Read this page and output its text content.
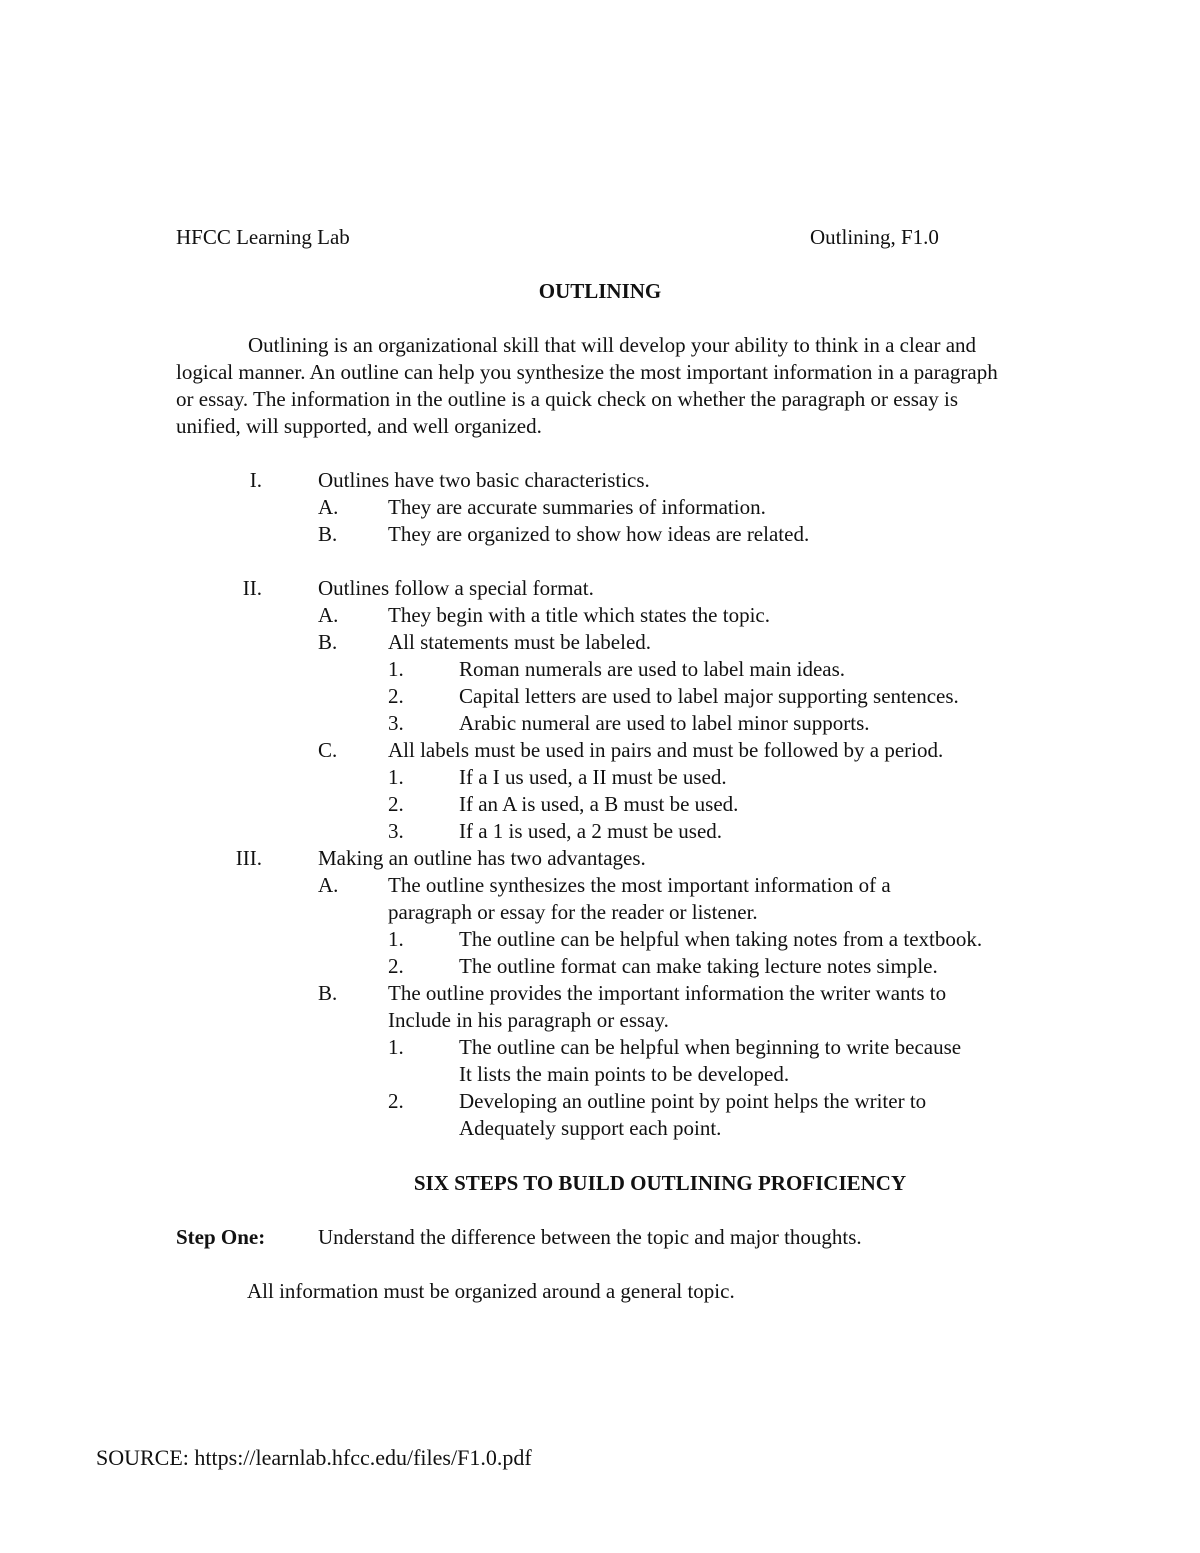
HFCC Learning Lab	Outlining, F1.0
OUTLINING
Outlining is an organizational skill that will develop your ability to think in a clear and
logical manner. An outline can help you synthesize the most important information in a paragraph
or essay. The information in the outline is a quick check on whether the paragraph or essay is
unified, will supported, and well organized.
I.	Outlines have two basic characteristics.
A. They are accurate summaries of information.
B. They are organized to show how ideas are related.
II.	Outlines follow a special format.
A. They begin with a title which states the topic.
B. All statements must be labeled.
1.	Roman numerals are used to label main ideas.
2.	Capital letters are used to label major supporting sentences.
3.	Arabic numeral are used to label minor supports.
C. All labels must be used in pairs and must be followed by a period.
1.	If a I us used, a II must be used.
2.	If an A is used, a B must be used.
3.	If a 1 is used, a 2 must be used.
III.	Making an outline has two advantages.
A. The outline synthesizes the most important information of a
paragraph or essay for the reader or listener.
1.	The outline can be helpful when taking notes from a textbook.
2.	The outline format can make taking lecture notes simple.
B. The outline provides the important information the writer wants to
Include in his paragraph or essay.
1.	The outline can be helpful when beginning to write because
It lists the main points to be developed.
2.	Developing an outline point by point helps the writer to
Adequately support each point.
SIX STEPS TO BUILD OUTLINING PROFICIENCY
Step One:	Understand the difference between the topic and major thoughts.
All information must be organized around a general topic.
SOURCE: https://learnlab.hfcc.edu/files/F1.0.pdf
